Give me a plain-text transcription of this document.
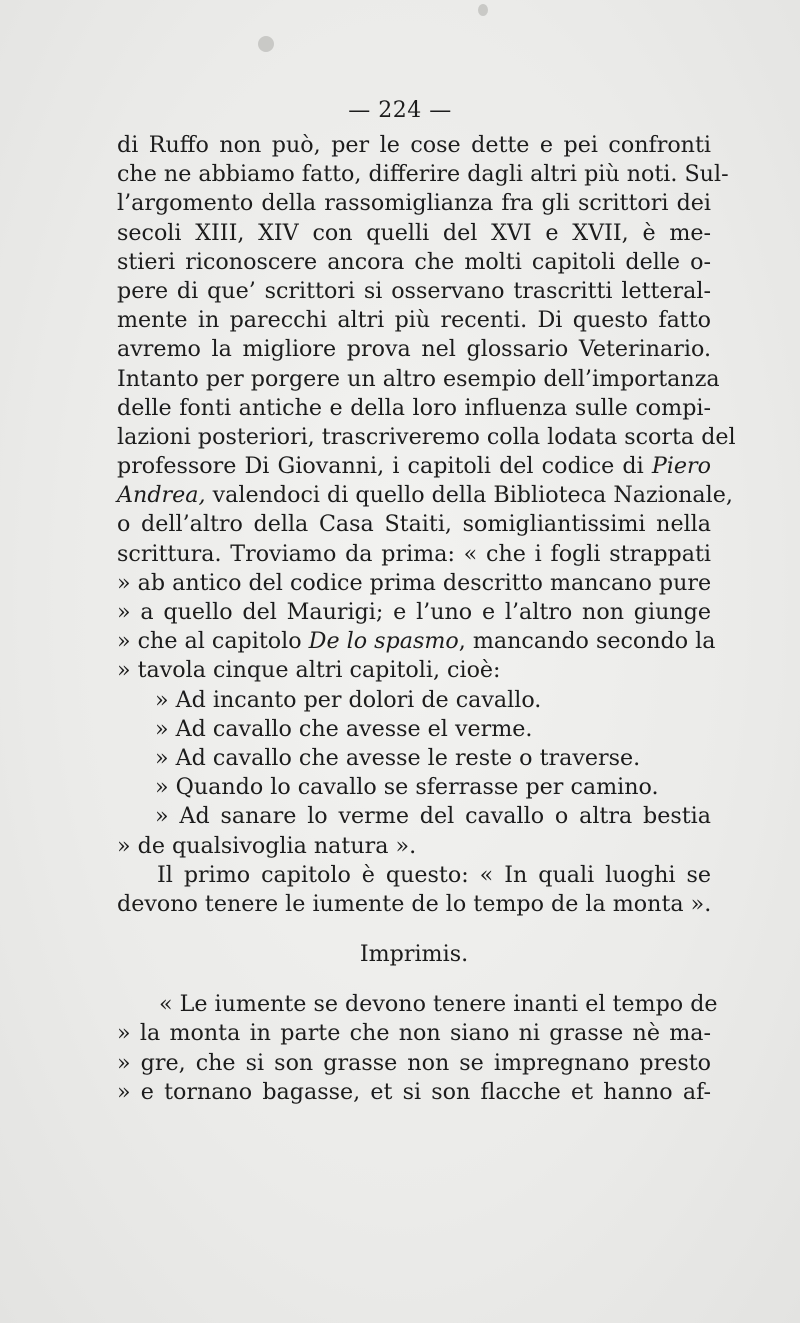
— 224 —
di Ruffo non può, per le cose dette e pei confronti
che ne abbiamo fatto, differire dagli altri più noti. Sul-
l’argomento della rassomiglianza fra gli scrittori dei
secoli XIII, XIV con quelli del XVI e XVII, è me-
stieri riconoscere ancora che molti capitoli delle o-
pere di que’ scrittori si osservano trascritti letteral-
mente in parecchi altri più recenti. Di questo fatto
avremo la migliore prova nel glossario Veterinario.
Intanto per porgere un altro esempio dell’importanza
delle fonti antiche e della loro influenza sulle compi-
lazioni posteriori, trascriveremo colla lodata scorta del
professore Di Giovanni, i capitoli del codice di Piero
Andrea, valendoci di quello della Biblioteca Nazionale,
o dell’altro della Casa Staiti, somigliantissimi nella
scrittura. Troviamo da prima: « che i fogli strappati
» ab antico del codice prima descritto mancano pure
» a quello del Maurigi; e l’uno e l’altro non giunge
» che al capitolo De lo spasmo, mancando secondo la
» tavola cinque altri capitoli, cioè:
» Ad incanto per dolori de cavallo.
» Ad cavallo che avesse el verme.
» Ad cavallo che avesse le reste o traverse.
» Quando lo cavallo se sferrasse per camino.
» Ad sanare lo verme del cavallo o altra bestia
» de qualsivoglia natura ».
Il primo capitolo è questo: « In quali luoghi se
devono tenere le iumente de lo tempo de la monta ».
Imprimis.
« Le iumente se devono tenere inanti el tempo de
» la monta in parte che non siano ni grasse nè ma-
» gre, che si son grasse non se impregnano presto
» e tornano bagasse, et si son flacche et hanno af-
